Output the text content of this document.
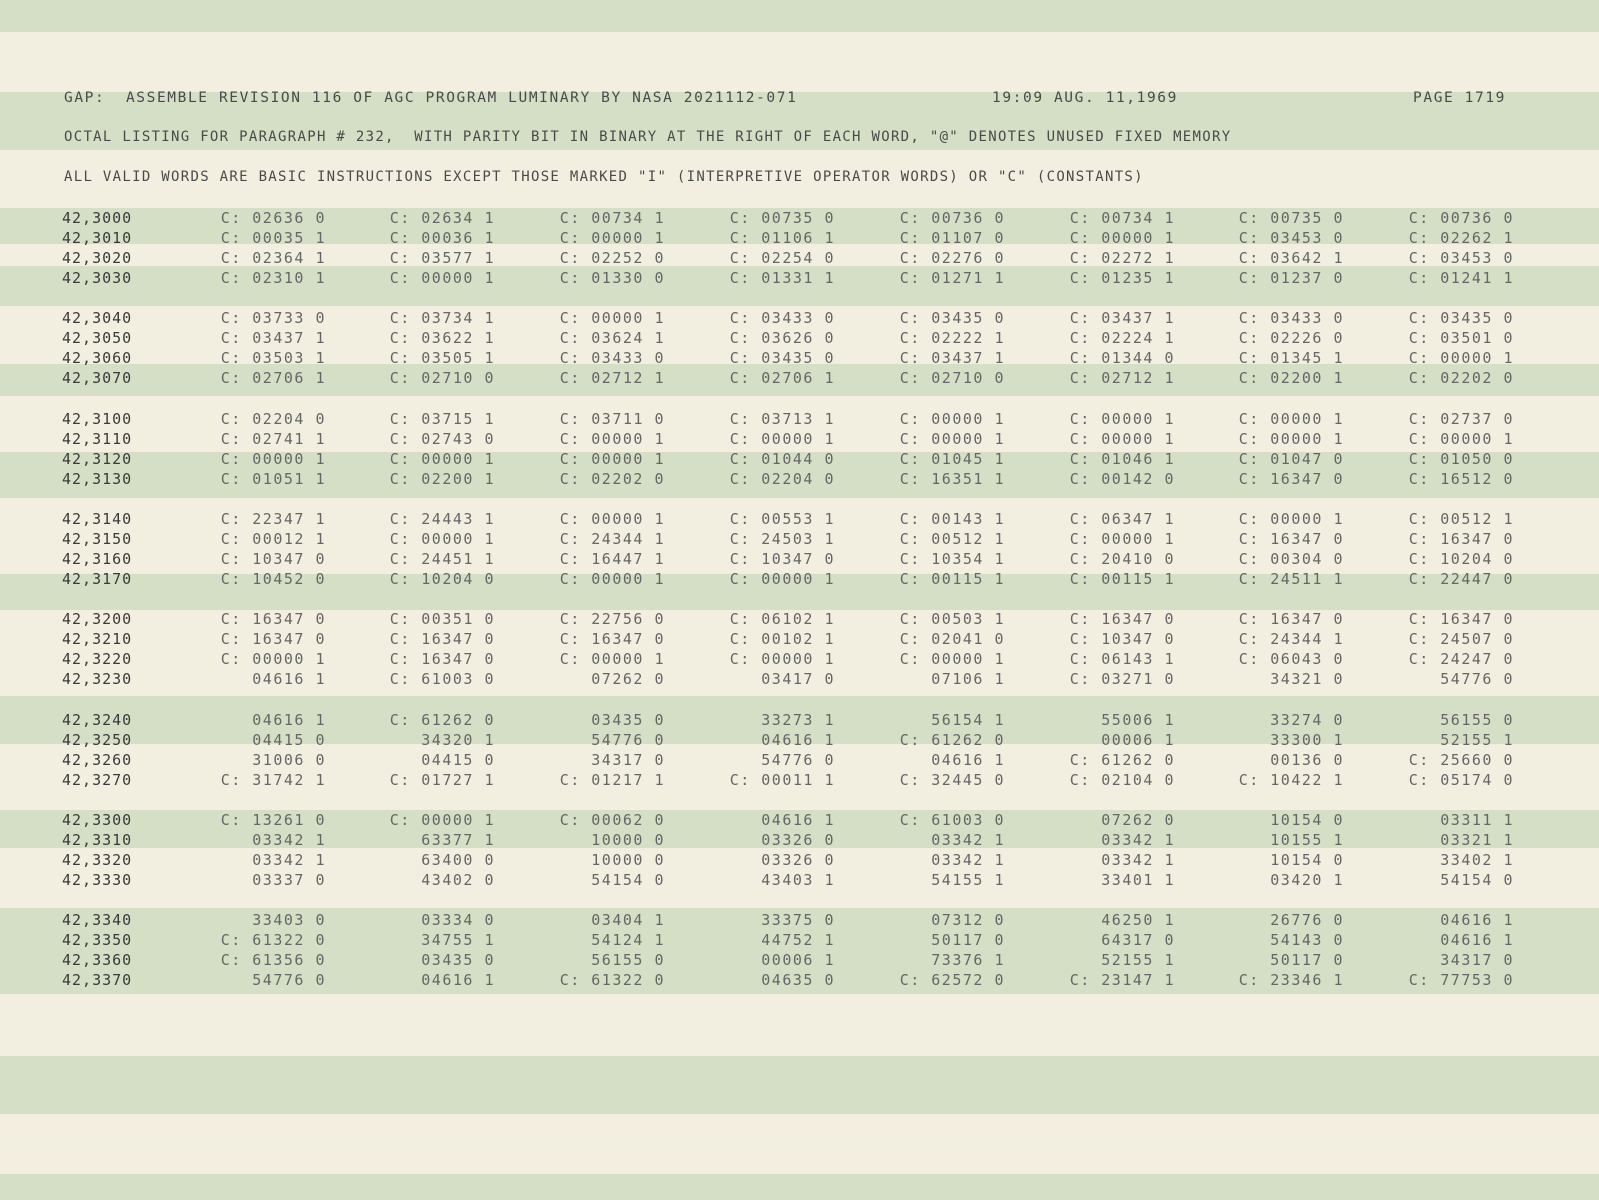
GAP:  ASSEMBLE REVISION 116 OF AGC PROGRAM LUMINARY BY NASA 2021112-071	19:09 AUG. 11,1969	PAGE 1719
OCTAL LISTING FOR PARAGRAPH # 232,  WITH PARITY BIT IN BINARY AT THE RIGHT OF EACH WORD, "@" DENOTES UNUSED FIXED MEMORY
ALL VALID WORDS ARE BASIC INSTRUCTIONS EXCEPT THOSE MARKED "I" (INTERPRETIVE OPERATOR WORDS) OR "C" (CONSTANTS)
42,3000	C: 02636 0	C: 02634 1	C: 00734 1	C: 00735 0	C: 00736 0	C: 00734 1	C: 00735 0	C: 00736 0
42,3010	C: 00035 1	C: 00036 1	C: 00000 1	C: 01106 1	C: 01107 0	C: 00000 1	C: 03453 0	C: 02262 1
42,3020	C: 02364 1	C: 03577 1	C: 02252 0	C: 02254 0	C: 02276 0	C: 02272 1	C: 03642 1	C: 03453 0
42,3030	C: 02310 1	C: 00000 1	C: 01330 0	C: 01331 1	C: 01271 1	C: 01235 1	C: 01237 0	C: 01241 1
42,3040	C: 03733 0	C: 03734 1	C: 00000 1	C: 03433 0	C: 03435 0	C: 03437 1	C: 03433 0	C: 03435 0
42,3050	C: 03437 1	C: 03622 1	C: 03624 1	C: 03626 0	C: 02222 1	C: 02224 1	C: 02226 0	C: 03501 0
42,3060	C: 03503 1	C: 03505 1	C: 03433 0	C: 03435 0	C: 03437 1	C: 01344 0	C: 01345 1	C: 00000 1
42,3070	C: 02706 1	C: 02710 0	C: 02712 1	C: 02706 1	C: 02710 0	C: 02712 1	C: 02200 1	C: 02202 0
42,3100	C: 02204 0	C: 03715 1	C: 03711 0	C: 03713 1	C: 00000 1	C: 00000 1	C: 00000 1	C: 02737 0
42,3110	C: 02741 1	C: 02743 0	C: 00000 1	C: 00000 1	C: 00000 1	C: 00000 1	C: 00000 1	C: 00000 1
42,3120	C: 00000 1	C: 00000 1	C: 00000 1	C: 01044 0	C: 01045 1	C: 01046 1	C: 01047 0	C: 01050 0
42,3130	C: 01051 1	C: 02200 1	C: 02202 0	C: 02204 0	C: 16351 1	C: 00142 0	C: 16347 0	C: 16512 0
42,3140	C: 22347 1	C: 24443 1	C: 00000 1	C: 00553 1	C: 00143 1	C: 06347 1	C: 00000 1	C: 00512 1
42,3150	C: 00012 1	C: 00000 1	C: 24344 1	C: 24503 1	C: 00512 1	C: 00000 1	C: 16347 0	C: 16347 0
42,3160	C: 10347 0	C: 24451 1	C: 16447 1	C: 10347 0	C: 10354 1	C: 20410 0	C: 00304 0	C: 10204 0
42,3170	C: 10452 0	C: 10204 0	C: 00000 1	C: 00000 1	C: 00115 1	C: 00115 1	C: 24511 1	C: 22447 0
42,3200	C: 16347 0	C: 00351 0	C: 22756 0	C: 06102 1	C: 00503 1	C: 16347 0	C: 16347 0	C: 16347 0
42,3210	C: 16347 0	C: 16347 0	C: 16347 0	C: 00102 1	C: 02041 0	C: 10347 0	C: 24344 1	C: 24507 0
42,3220	C: 00000 1	C: 16347 0	C: 00000 1	C: 00000 1	C: 00000 1	C: 06143 1	C: 06043 0	C: 24247 0
42,3230	04616 1	C: 61003 0	07262 0	03417 0	07106 1	C: 03271 0	34321 0	54776 0
42,3240	04616 1	C: 61262 0	03435 0	33273 1	56154 1	55006 1	33274 0	56155 0
42,3250	04415 0	34320 1	54776 0	04616 1	C: 61262 0	00006 1	33300 1	52155 1
42,3260	31006 0	04415 0	34317 0	54776 0	04616 1	C: 61262 0	00136 0	C: 25660 0
42,3270	C: 31742 1	C: 01727 1	C: 01217 1	C: 00011 1	C: 32445 0	C: 02104 0	C: 10422 1	C: 05174 0
42,3300	C: 13261 0	C: 00000 1	C: 00062 0	04616 1	C: 61003 0	07262 0	10154 0	03311 1
42,3310	03342 1	63377 1	10000 0	03326 0	03342 1	03342 1	10155 1	03321 1
42,3320	03342 1	63400 0	10000 0	03326 0	03342 1	03342 1	10154 0	33402 1
42,3330	03337 0	43402 0	54154 0	43403 1	54155 1	33401 1	03420 1	54154 0
42,3340	33403 0	03334 0	03404 1	33375 0	07312 0	46250 1	26776 0	04616 1
42,3350	C: 61322 0	34755 1	54124 1	44752 1	50117 0	64317 0	54143 0	04616 1
42,3360	C: 61356 0	03435 0	56155 0	00006 1	73376 1	52155 1	50117 0	34317 0
42,3370	54776 0	04616 1	C: 61322 0	04635 0	C: 62572 0	C: 23147 1	C: 23346 1	C: 77753 0
